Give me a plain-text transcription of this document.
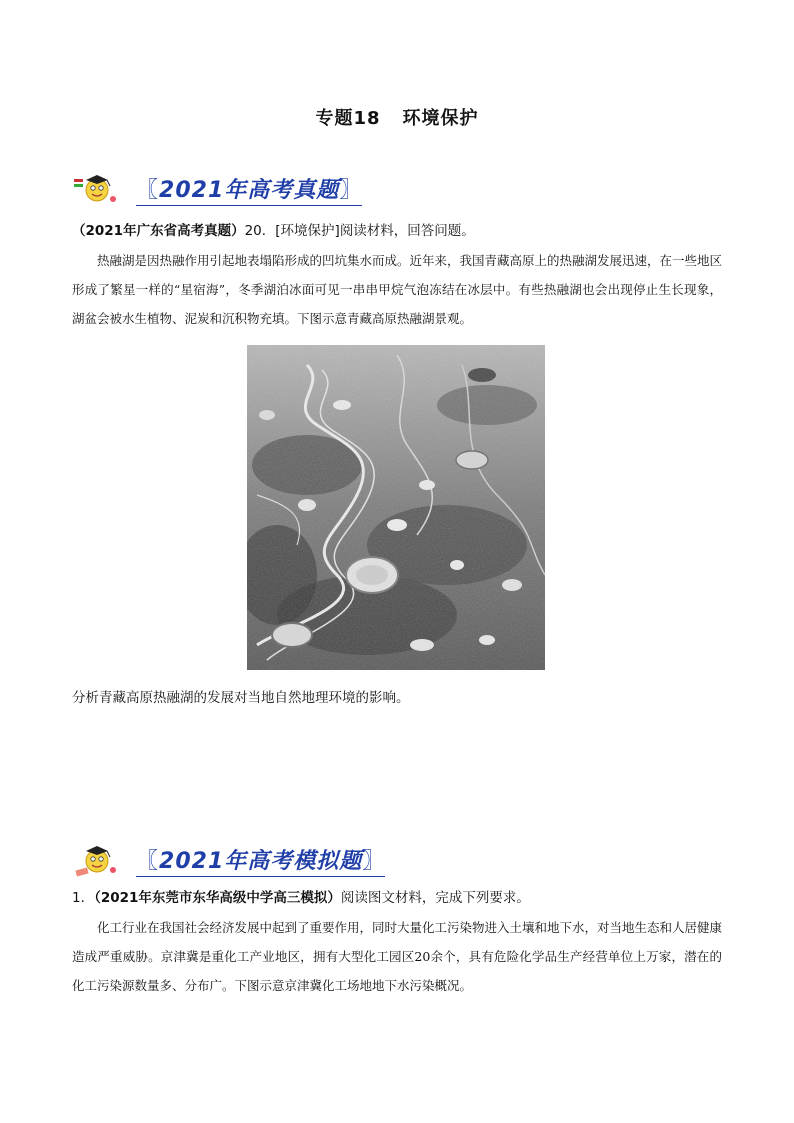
专题18 环境保护
〖2021年高考真题〗
（2021年广东省高考真题）20．[环境保护]阅读材料，回答问题。
热融湖是因热融作用引起地表塌陷形成的凹坑集水而成。近年来，我国青藏高原上的热融湖发展迅速，在一些地区形成了繁星一样的“星宿海”，冬季湖泊冰面可见一串串甲烷气泡冻结在冰层中。有些热融湖也会出现停止生长现象，湖盆会被水生植物、泥炭和沉积物充填。下图示意青藏高原热融湖景观。
分析青藏高原热融湖的发展对当地自然地理环境的影响。
〖2021年高考模拟题〗
1．（2021年东莞市东华高级中学高三模拟）阅读图文材料，完成下列要求。
化工行业在我国社会经济发展中起到了重要作用，同时大量化工污染物进入土壤和地下水，对当地生态和人居健康造成严重威胁。京津冀是重化工产业地区，拥有大型化工园区20余个，具有危险化学品生产经营单位上万家，潜在的化工污染源数量多、分布广。下图示意京津冀化工场地地下水污染概况。
